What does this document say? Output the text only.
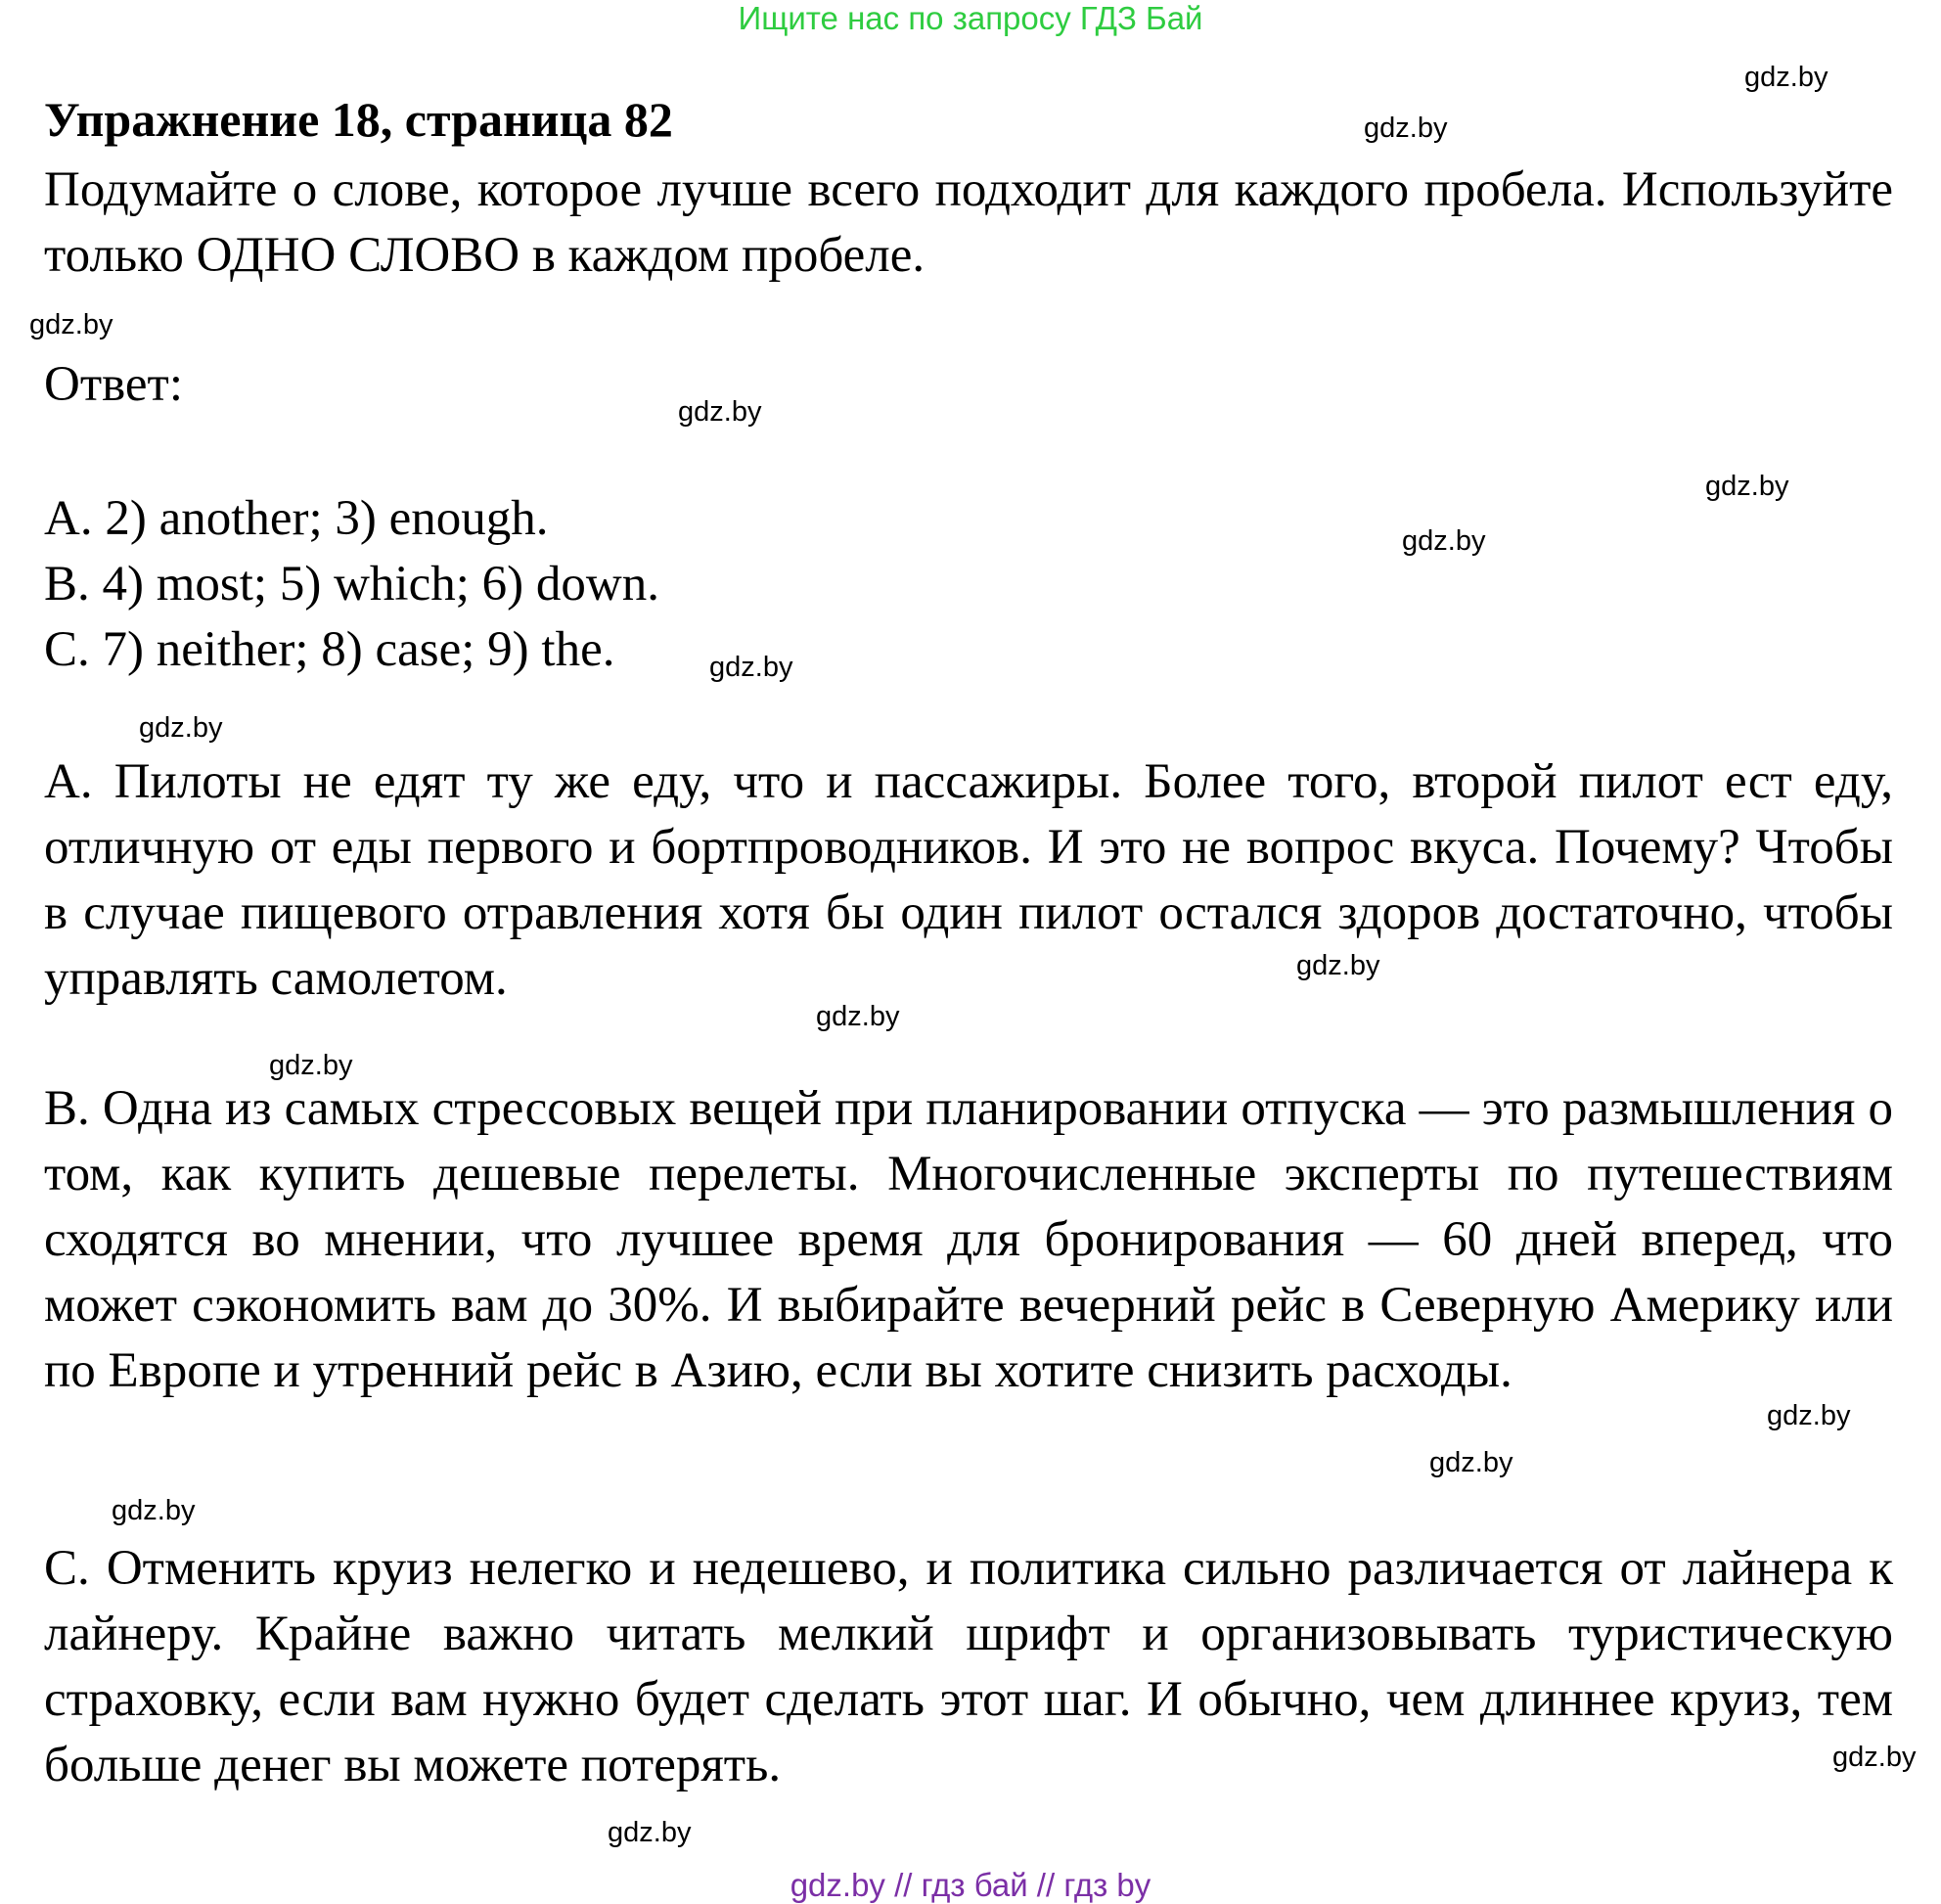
Ищите нас по запросу ГДЗ Бай
Упражнение 18, страница 82
Подумайте о слове, которое лучше всего подходит для каждого пробела. Используйте только ОДНО СЛОВО в каждом пробеле.
Ответ:
A. 2) another; 3) enough.
B. 4) most; 5) which; 6) down.
C. 7) neither; 8) case; 9) the.
A. Пилоты не едят ту же еду, что и пассажиры. Более того, второй пилот ест еду, отличную от еды первого и бортпроводников. И это не вопрос вкуса. Почему? Чтобы в случае пищевого отравления хотя бы один пилот остался здоров достаточно, чтобы управлять самолетом.
B. Одна из самых стрессовых вещей при планировании отпуска — это размышления о том, как купить дешевые перелеты. Многочисленные эксперты по путешествиям сходятся во мнении, что лучшее время для бронирования — 60 дней вперед, что может сэкономить вам до 30%. И выбирайте вечерний рейс в Северную Америку или по Европе и утренний рейс в Азию, если вы хотите снизить расходы.
C. Отменить круиз нелегко и недешево, и политика сильно различается от лайнера к лайнеру. Крайне важно читать мелкий шрифт и организовывать туристическую страховку, если вам нужно будет сделать этот шаг. И обычно, чем длиннее круиз, тем больше денег вы можете потерять.
gdz.by
gdz.by
gdz.by
gdz.by
gdz.by
gdz.by
gdz.by
gdz.by
gdz.by
gdz.by
gdz.by
gdz.by
gdz.by
gdz.by
gdz.by
gdz.by
gdz.by // гдз бай // гдз by
